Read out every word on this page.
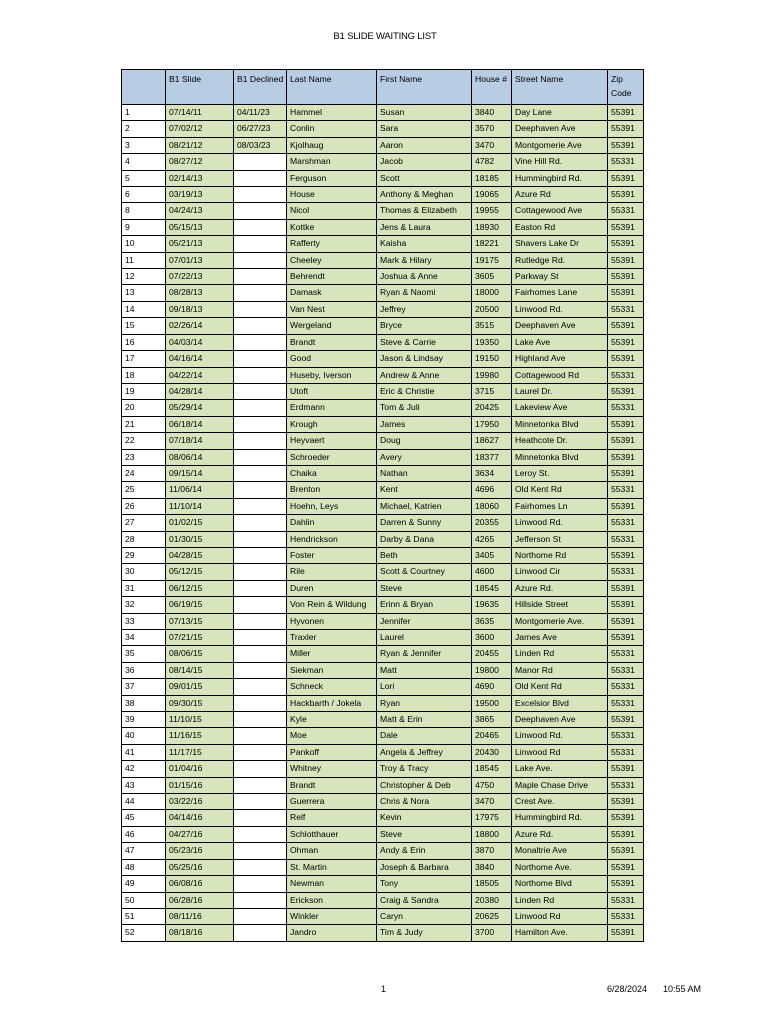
B1 SLIDE WAITING LIST
	B1 Slide	B1 Declined	Last Name	First Name	House #	Street Name	Zip Code
1	07/14/11	04/11/23	Hammel	Susan	3840	Day Lane	55391
2	07/02/12	06/27/23	Conlin	Sara	3570	Deephaven Ave	55391
3	08/21/12	08/03/23	Kjolhaug	Aaron	3470	Montgomerie Ave	55391
4	08/27/12		Marshman	Jacob	4782	Vine Hill Rd.	55331
5	02/14/13		Ferguson	Scott	18185	Hummingbird Rd.	55391
6	03/19/13		House	Anthony & Meghan	19065	Azure Rd	55391
8	04/24/13		Nicol	Thomas & Elizabeth	19955	Cottagewood Ave	55331
9	05/15/13		Kottke	Jens & Laura	18930	Easton Rd	55391
10	05/21/13		Rafferty	Kaisha	18221	Shavers Lake Dr	55391
11	07/01/13		Cheeley	Mark & Hilary	19175	Rutledge Rd.	55391
12	07/22/13		Behrendt	Joshua & Anne	3605	Parkway St	55391
13	08/28/13		Damask	Ryan & Naomi	18000	Fairhomes Lane	55391
14	09/18/13		Van Nest	Jeffrey	20500	Linwood Rd.	55331
15	02/26/14		Wergeland	Bryce	3515	Deephaven Ave	55391
16	04/03/14		Brandt	Steve & Carrie	19350	Lake Ave	55391
17	04/16/14		Good	Jason & Lindsay	19150	Highland Ave	55391
18	04/22/14		Huseby, Iverson	Andrew & Anne	19980	Cottagewood Rd	55331
19	04/28/14		Utoft	Eric & Christie	3715	Laurel Dr.	55391
20	05/29/14		Erdmann	Tom & Juli	20425	Lakeview Ave	55331
21	06/18/14		Krough	James	17950	Minnetonka Blvd	55391
22	07/18/14		Heyvaert	Doug	18627	Heathcote Dr.	55391
23	08/06/14		Schroeder	Avery	18377	Minnetonka Blvd	55391
24	09/15/14		Chaika	Nathan	3634	Leroy St.	55391
25	11/06/14		Brenton	Kent	4696	Old Kent Rd	55331
26	11/10/14		Hoehn, Leys	Michael, Katrien	18060	Fairhomes Ln	55391
27	01/02/15		Dahlin	Darren & Sunny	20355	Linwood Rd.	55331
28	01/30/15		Hendrickson	Darby & Dana	4265	Jefferson St	55331
29	04/28/15		Foster	Beth	3405	Northome Rd	55391
30	05/12/15		Rile	Scott & Courtney	4600	Linwood Cir	55331
31	06/12/15		Duren	Steve	18545	Azure Rd.	55391
32	06/19/15		Von Rein & Wildung	Erinn & Bryan	19635	Hillside Street	55391
33	07/13/15		Hyvonen	Jennifer	3635	Montgomerie Ave.	55391
34	07/21/15		Traxler	Laurel	3600	James Ave	55391
35	08/06/15		Miller	Ryan & Jennifer	20455	Linden Rd	55331
36	08/14/15		Siekman	Matt	19800	Manor Rd	55331
37	09/01/15		Schneck	Lori	4690	Old Kent Rd	55331
38	09/30/15		Hackbarth / Jokela	Ryan	19500	Excelsior Blvd	55331
39	11/10/15		Kyle	Matt & Erin	3865	Deephaven Ave	55391
40	11/16/15		Moe	Dale	20465	Linwood Rd.	55331
41	11/17/15		Pankoff	Angela & Jeffrey	20430	Linwood Rd	55331
42	01/04/16		Whitney	Troy & Tracy	18545	Lake Ave.	55391
43	01/15/16		Brandt	Christopher & Deb	4750	Maple Chase Drive	55331
44	03/22/16		Guerrera	Chris & Nora	3470	Crest Ave.	55391
45	04/14/16		Relf	Kevin	17975	Hummingbird Rd.	55391
46	04/27/16		Schlotthauer	Steve	18800	Azure Rd.	55391
47	05/23/16		Ohman	Andy & Erin	3870	Monaltrie Ave	55391
48	05/25/16		St. Martin	Joseph & Barbara	3840	Northome Ave.	55391
49	06/08/16		Newman	Tony	18505	Northome Blvd	55391
50	06/28/16		Erickson	Craig & Sandra	20380	Linden Rd	55331
51	08/11/16		Winkler	Caryn	20625	Linwood Rd	55331
52	08/18/16		Jandro	Tim & Judy	3700	Hamilton Ave.	55391
1	6/28/2024 10:55 AM
